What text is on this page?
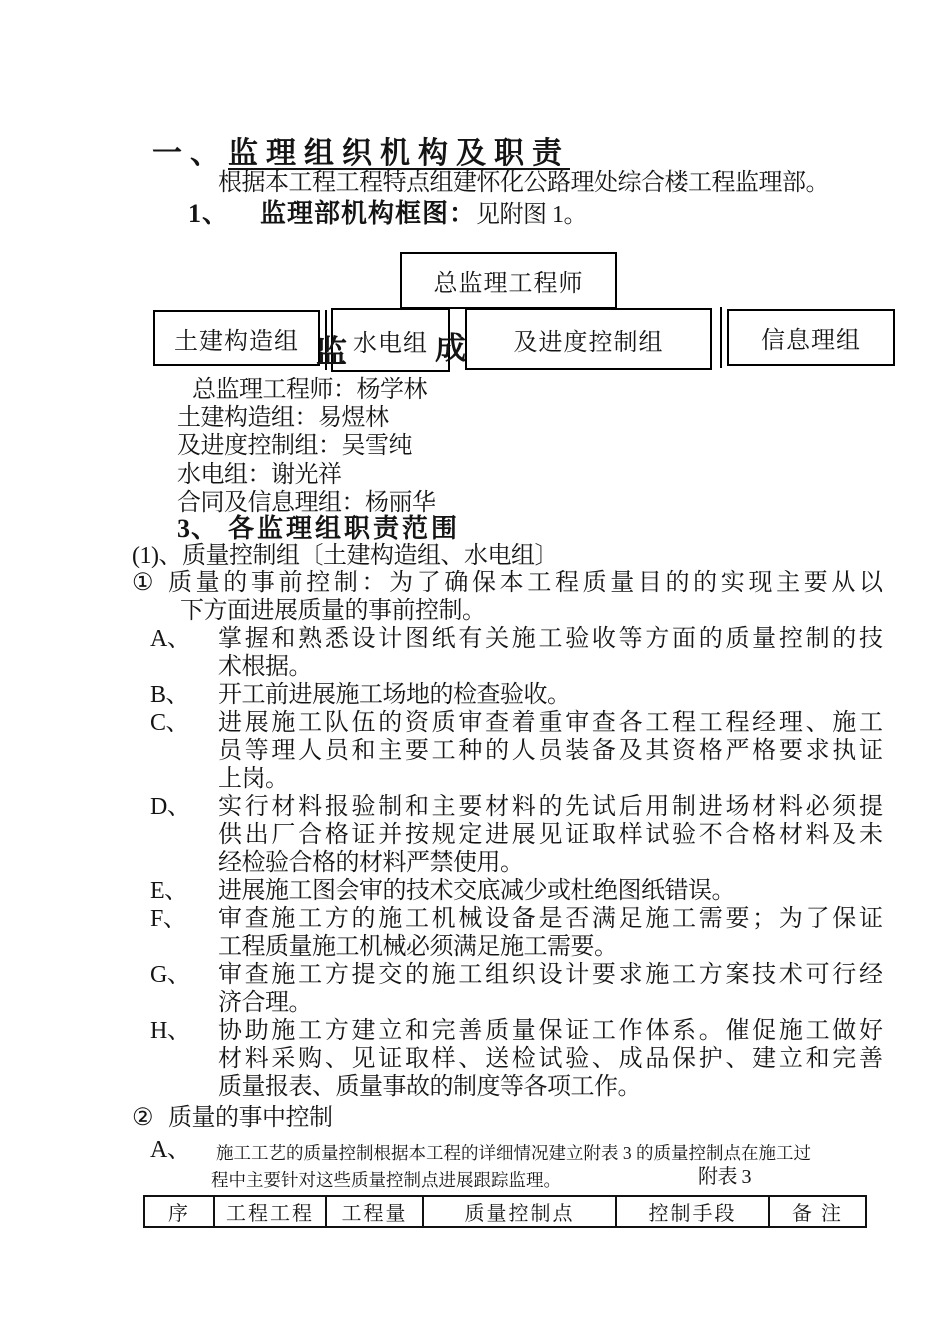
一、监理组织机构及职责
根据本工程工程特点组建怀化公路理处综合楼工程监理部。
1、 监理部机构框图：见附图 1。
总监理工程师
土建构造组 水电组	及进度控制组	信息理组
监	成
总监理工程师：杨学林
土建构造组：易煜林
及进度控制组：吴雪纯
水电组：谢光祥
合同及信息理组：杨丽华
3、 各监理组职责范围
(1)、质量控制组〔土建构造组、水电组〕
① 质量的事前控制：为了确保本工程质量目的的实现主要从以
下方面进展质量的事前控制。
A、 掌握和熟悉设计图纸有关施工验收等方面的质量控制的技
术根据。
B、 开工前进展施工场地的检查验收。
C、 进展施工队伍的资质审查着重审查各工程工程经理、施工
员等理人员和主要工种的人员装备及其资格严格要求执证
上岗。
D、 实行材料报验制和主要材料的先试后用制进场材料必须提
供出厂合格证并按规定进展见证取样试验不合格材料及未
经检验合格的材料严禁使用。
E、 进展施工图会审的技术交底减少或杜绝图纸错误。
F、 审查施工方的施工机械设备是否满足施工需要；为了保证
工程质量施工机械必须满足施工需要。
G、 审查施工方提交的施工组织设计要求施工方案技术可行经
济合理。
H、 协助施工方建立和完善质量保证工作体系。催促施工做好
材料采购、见证取样、送检试验、成品保护、建立和完善
质量报表、质量事故的制度等各项工作。
② 质量的事中控制
A、 施工工艺的质量控制根据本工程的详细情况建立附表 3 的质量控制点在施工过
程中主要针对这些质量控制点进展跟踪监理。	附表 3
序	工程工程	工程量	质量控制点	控制手段	备 注
